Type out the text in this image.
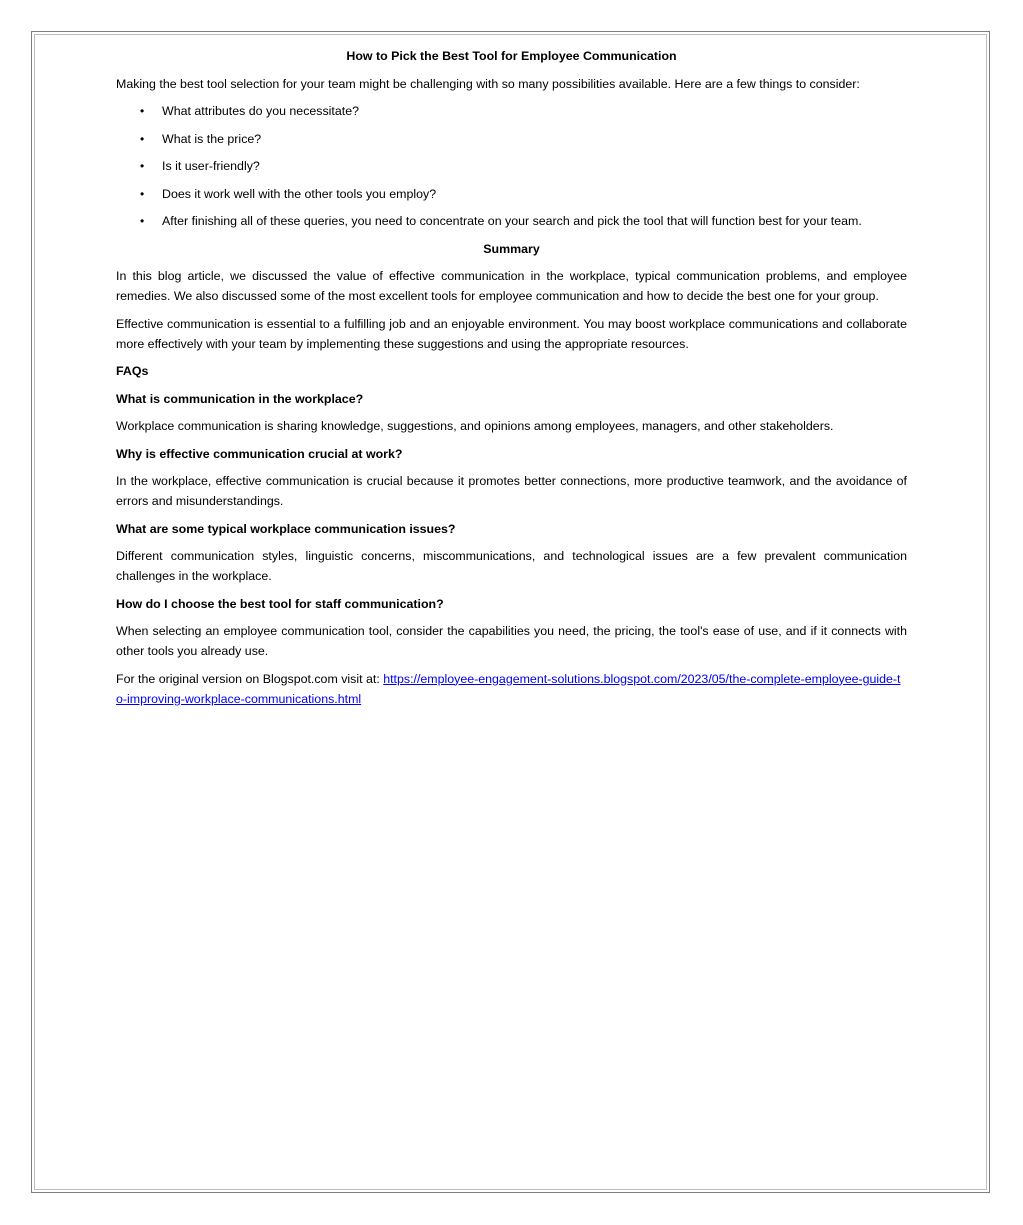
How to Pick the Best Tool for Employee Communication

Making the best tool selection for your team might be challenging with so many possibilities available. Here are a few things to consider:

• What attributes do you necessitate?
• What is the price?
• Is it user-friendly?
• Does it work well with the other tools you employ?
• After finishing all of these queries, you need to concentrate on your search and pick the tool that will function best for your team.

Summary

In this blog article, we discussed the value of effective communication in the workplace, typical communication problems, and employee remedies. We also discussed some of the most excellent tools for employee communication and how to decide the best one for your group.

Effective communication is essential to a fulfilling job and an enjoyable environment. You may boost workplace communications and collaborate more effectively with your team by implementing these suggestions and using the appropriate resources.

FAQs

What is communication in the workplace?

Workplace communication is sharing knowledge, suggestions, and opinions among employees, managers, and other stakeholders.

Why is effective communication crucial at work?

In the workplace, effective communication is crucial because it promotes better connections, more productive teamwork, and the avoidance of errors and misunderstandings.

What are some typical workplace communication issues?

Different communication styles, linguistic concerns, miscommunications, and technological issues are a few prevalent communication challenges in the workplace.

How do I choose the best tool for staff communication?

When selecting an employee communication tool, consider the capabilities you need, the pricing, the tool's ease of use, and if it connects with other tools you already use.

For the original version on Blogspot.com visit at: https://employee-engagement-solutions.blogspot.com/2023/05/the-complete-employee-guide-to-improving-workplace-communications.html
